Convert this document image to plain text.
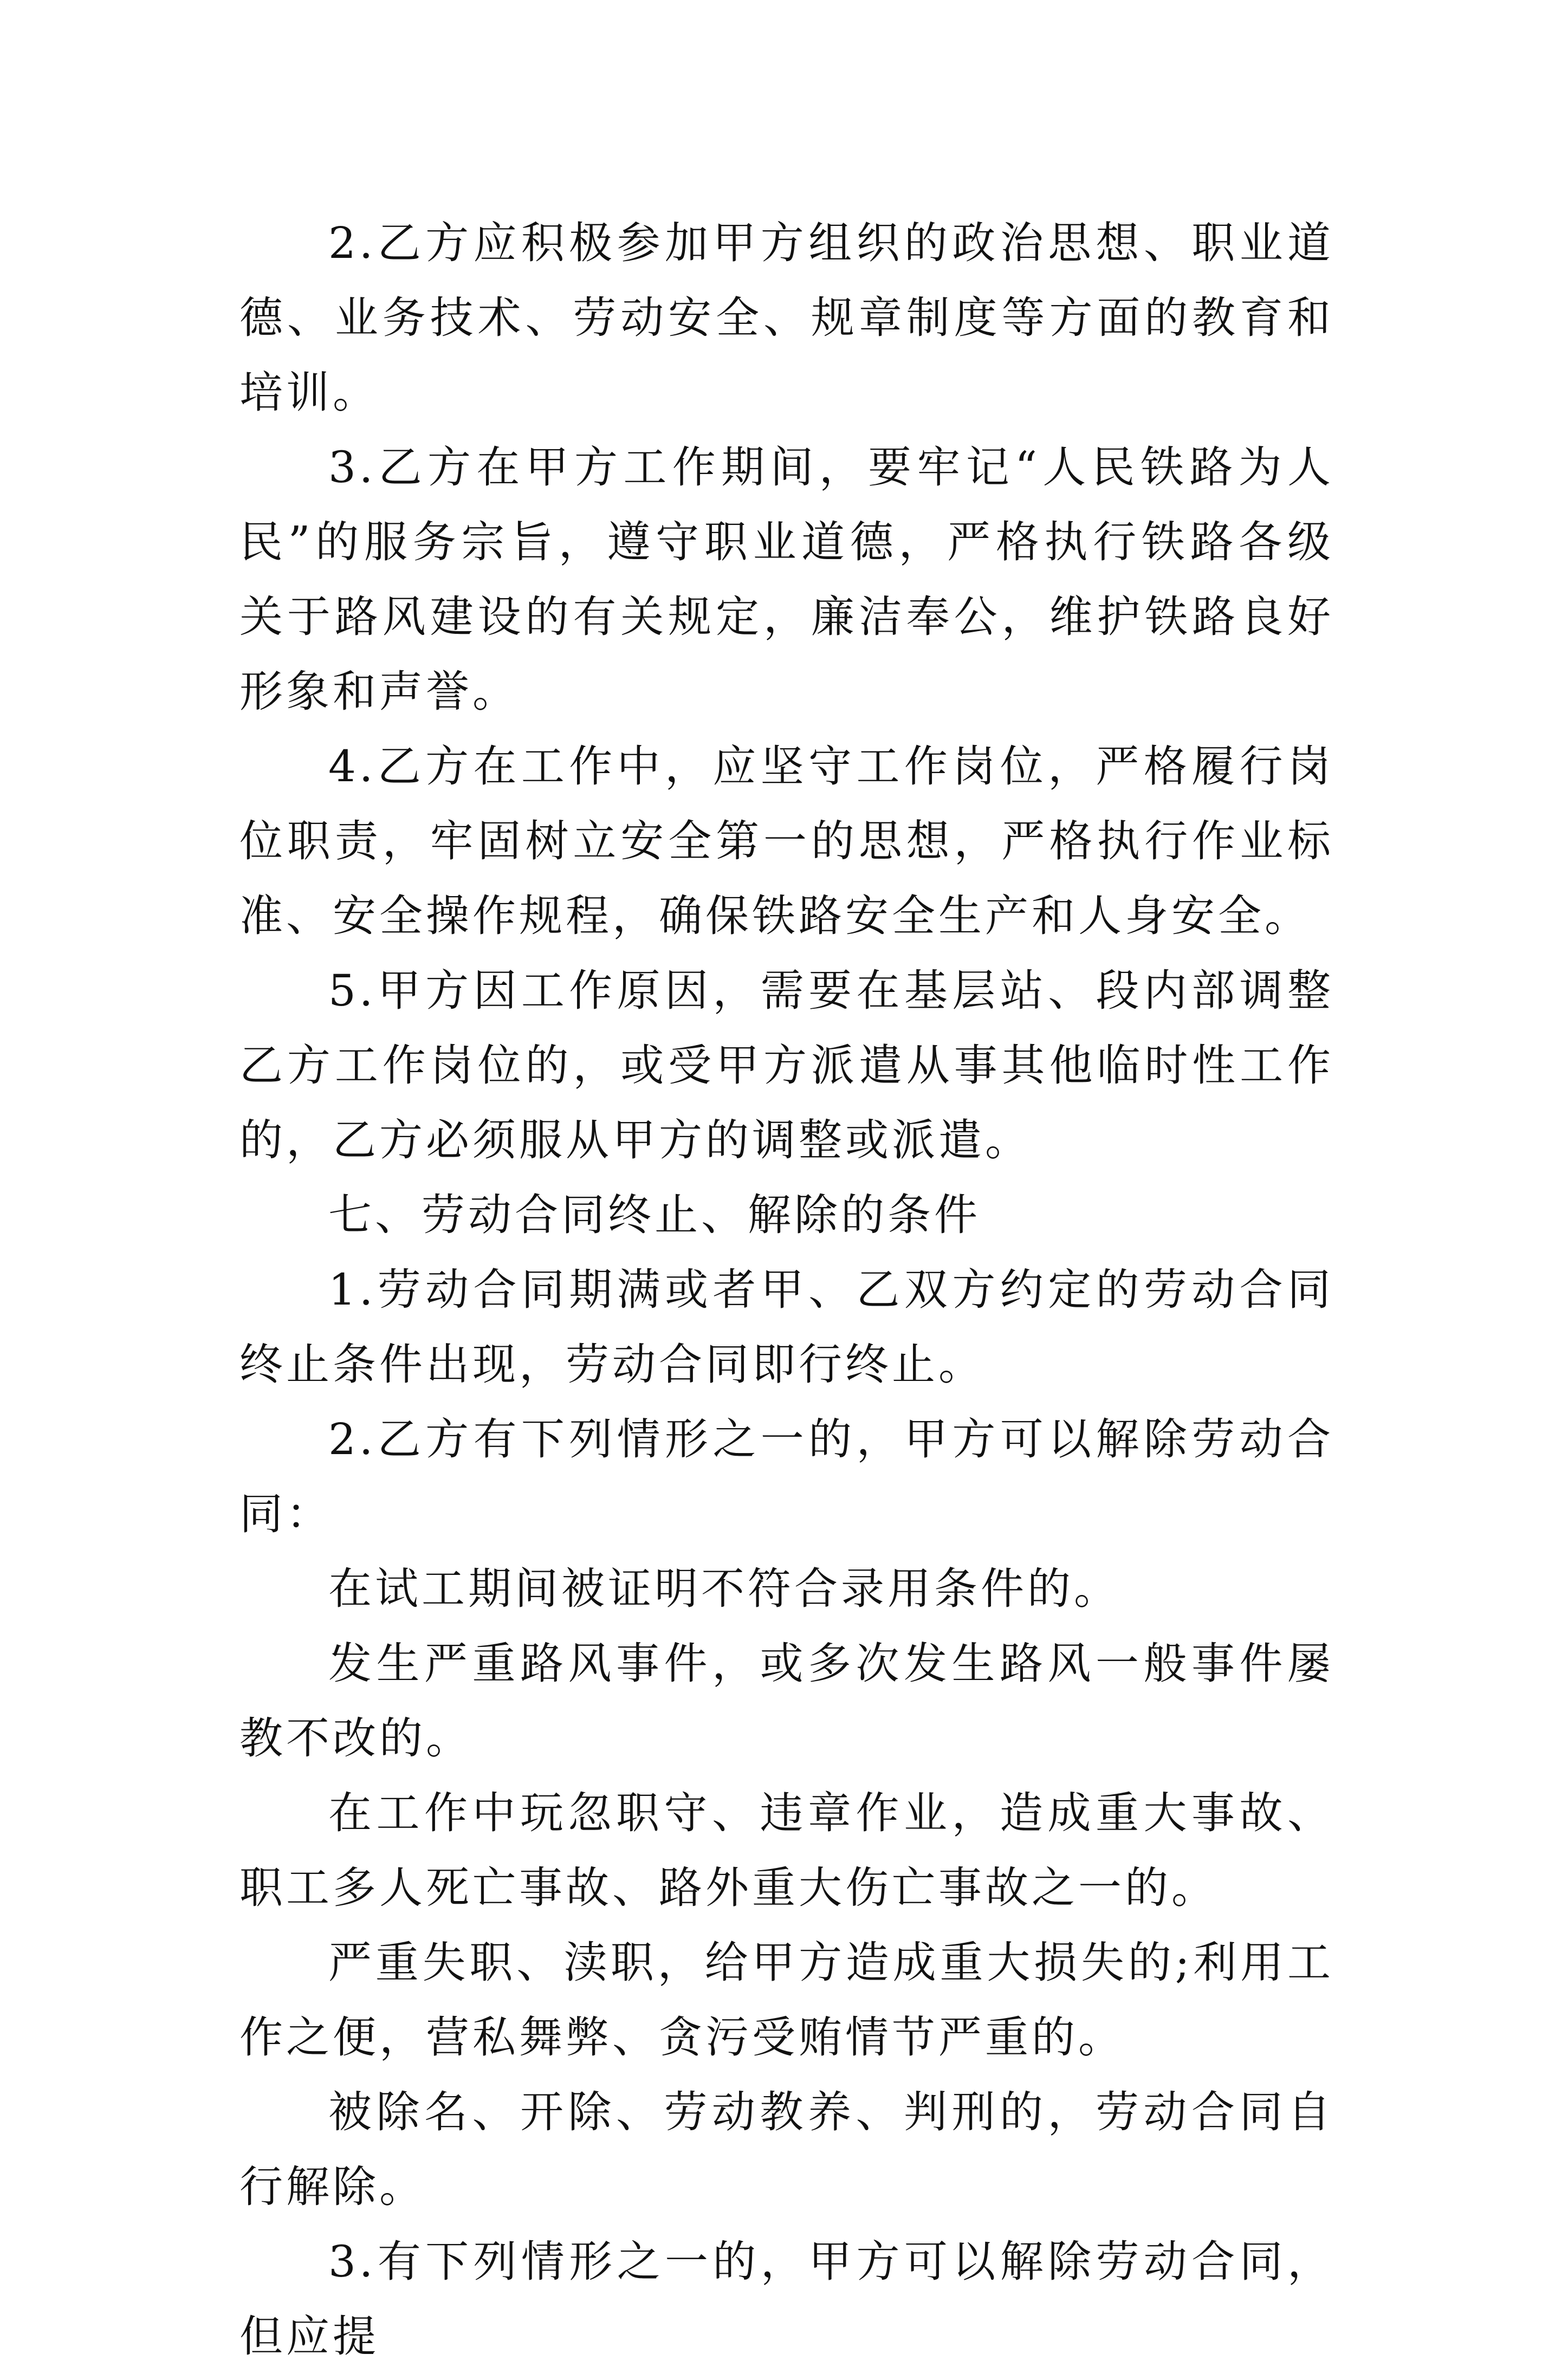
2.乙方应积极参加甲方组织的政治思想、职业道德、业务技术、劳动安全、规章制度等方面的教育和培训。

3.乙方在甲方工作期间，要牢记“人民铁路为人民”的服务宗旨，遵守职业道德，严格执行铁路各级关于路风建设的有关规定，廉洁奉公，维护铁路良好形象和声誉。

4.乙方在工作中，应坚守工作岗位，严格履行岗位职责，牢固树立安全第一的思想，严格执行作业标准、安全操作规程，确保铁路安全生产和人身安全。

5.甲方因工作原因，需要在基层站、段内部调整乙方工作岗位的，或受甲方派遣从事其他临时性工作的，乙方必须服从甲方的调整或派遣。

七、劳动合同终止、解除的条件

1.劳动合同期满或者甲、乙双方约定的劳动合同终止条件出现，劳动合同即行终止。

2.乙方有下列情形之一的，甲方可以解除劳动合同：

在试工期间被证明不符合录用条件的。

发生严重路风事件，或多次发生路风一般事件屡教不改的。

在工作中玩忽职守、违章作业，造成重大事故、职工多人死亡事故、路外重大伤亡事故之一的。

严重失职、渎职，给甲方造成重大损失的;利用工作之便，营私舞弊、贪污受贿情节严重的。

被除名、开除、劳动教养、判刑的，劳动合同自行解除。

3.有下列情形之一的，甲方可以解除劳动合同，但应提
